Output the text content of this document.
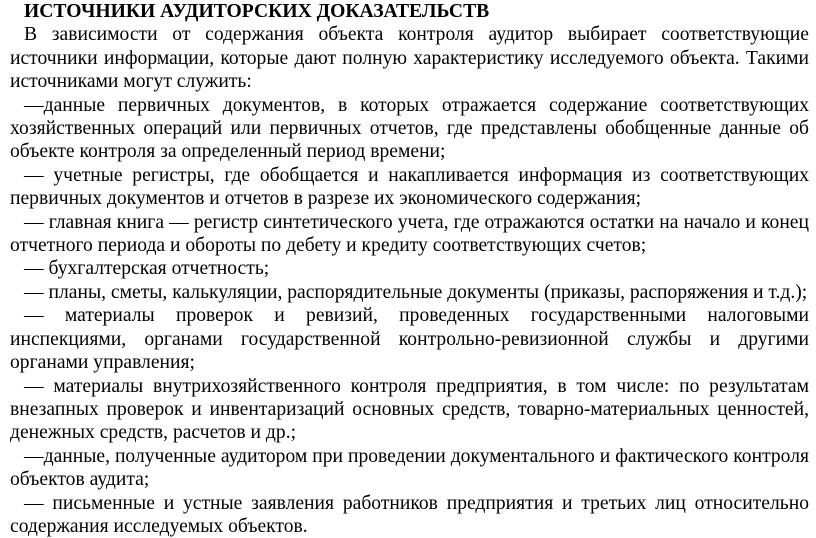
ИСТОЧНИКИ АУДИТОРСКИХ ДОКАЗАТЕЛЬСТВ

В зависимости от содержания объекта контроля аудитор выбирает соответствующие источники информации, которые дают полную характеристику исследуемого объекта. Такими источниками могут служить:

—данные первичных документов, в которых отражается содержание соответствующих хозяйственных операций или первичных отчетов, где представлены обобщенные данные об объекте контроля за определенный период времени;

— учетные регистры, где обобщается и накапливается информация из соответствующих первичных документов и отчетов в разрезе их экономического содержания;

— главная книга — регистр синтетического учета, где отражаются остатки на начало и конец отчетного периода и обороты по дебету и кредиту соответствующих счетов;

— бухгалтерская отчетность;

— планы, сметы, калькуляции, распорядительные документы (приказы, распоряжения и т.д.);

— материалы проверок и ревизий, проведенных государственными налоговыми инспекциями, органами государственной контрольно-ревизионной службы и другими органами управления;

— материалы внутрихозяйственного контроля предприятия, в том числе: по результатам внезапных проверок и инвентаризаций основных средств, товарно-материальных ценностей, денежных средств, расчетов и др.;

—данные, полученные аудитором при проведении документального и фактического контроля объектов аудита;

— письменные и устные заявления работников предприятия и третьих лиц относительно содержания исследуемых объектов.
